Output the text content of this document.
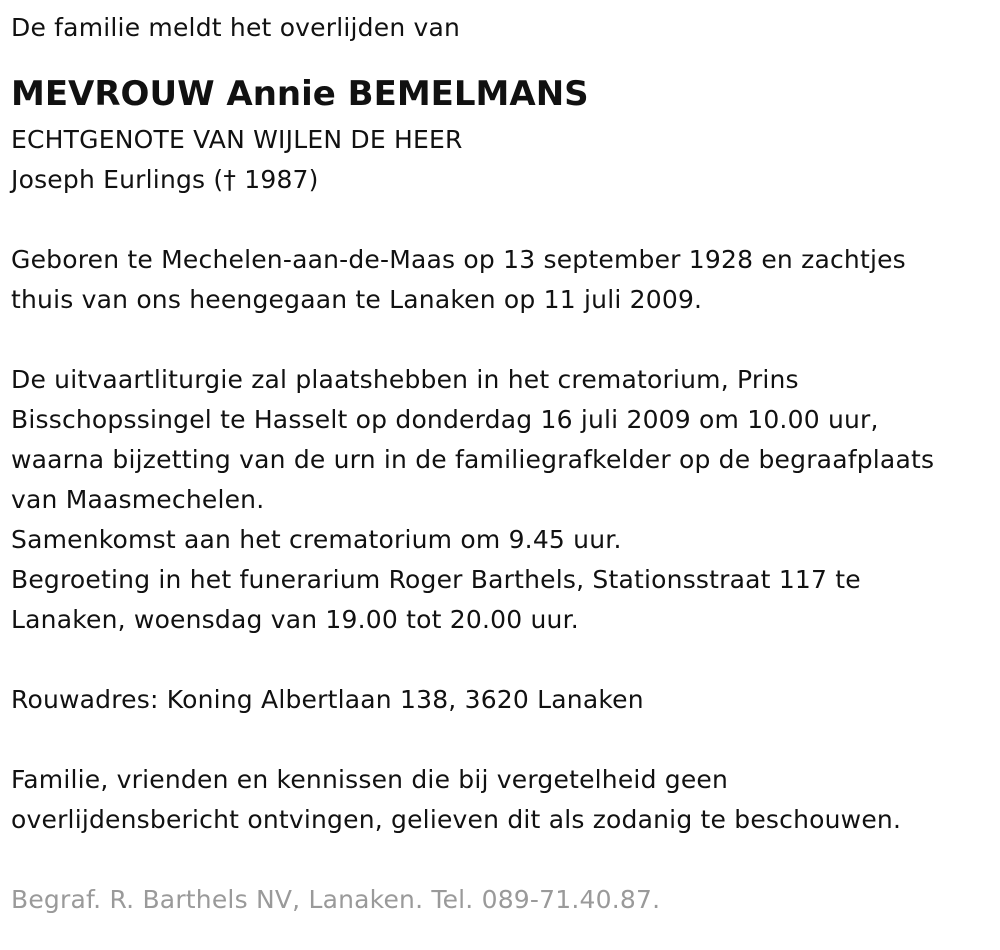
De familie meldt het overlijden van

MEVROUW Annie BEMELMANS

ECHTGENOTE VAN WIJLEN DE HEER

Joseph Eurlings († 1987)

Geboren te Mechelen-aan-de-Maas op 13 september 1928 en zachtjes

thuis van ons heengegaan te Lanaken op 11 juli 2009.

De uitvaartliturgie zal plaatshebben in het crematorium, Prins

Bisschopssingel te Hasselt op donderdag 16 juli 2009 om 10.00 uur,

waarna bijzetting van de urn in de familiegrafkelder op de begraafplaats

van Maasmechelen.

Samenkomst aan het crematorium om 9.45 uur.

Begroeting in het funerarium Roger Barthels, Stationsstraat 117 te

Lanaken, woensdag van 19.00 tot 20.00 uur.

Rouwadres: Koning Albertlaan 138, 3620 Lanaken

Familie, vrienden en kennissen die bij vergetelheid geen

overlijdensbericht ontvingen, gelieven dit als zodanig te beschouwen.

Begraf. R. Barthels NV, Lanaken. Tel. 089-71.40.87.
